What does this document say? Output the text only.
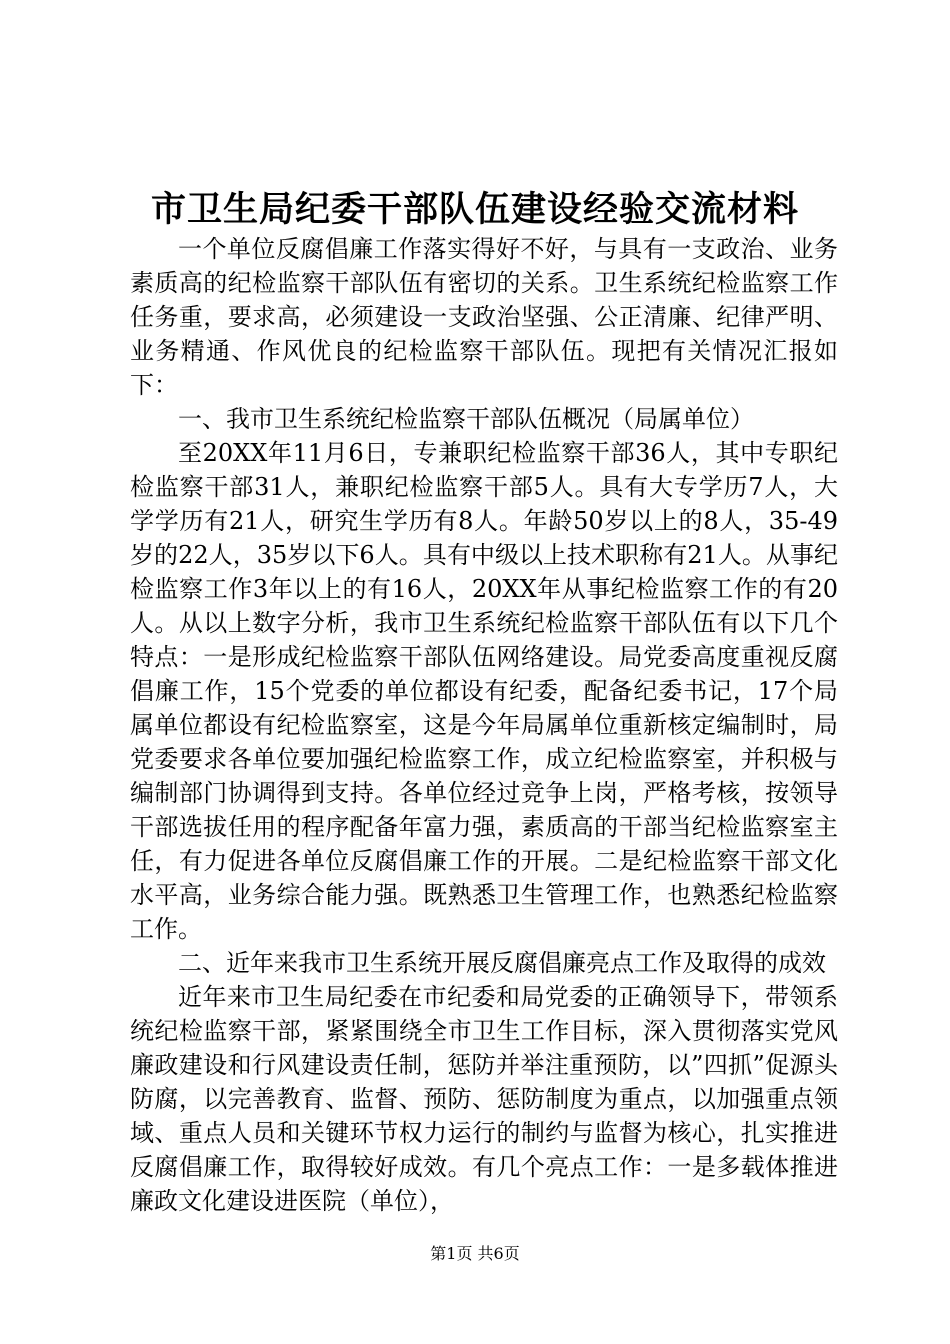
市卫生局纪委干部队伍建设经验交流材料

一个单位反腐倡廉工作落实得好不好，与具有一支政治、业务素质高的纪检监察干部队伍有密切的关系。卫生系统纪检监察工作任务重，要求高，必须建设一支政治坚强、公正清廉、纪律严明、业务精通、作风优良的纪检监察干部队伍。现把有关情况汇报如下：

一、我市卫生系统纪检监察干部队伍概况（局属单位）

至20XX年11月6日，专兼职纪检监察干部36人，其中专职纪检监察干部31人，兼职纪检监察干部5人。具有大专学历7人，大学学历有21人，研究生学历有8人。年龄50岁以上的8人，35-49岁的22人，35岁以下6人。具有中级以上技术职称有21人。从事纪检监察工作3年以上的有16人，20XX年从事纪检监察工作的有20人。从以上数字分析，我市卫生系统纪检监察干部队伍有以下几个特点：一是形成纪检监察干部队伍网络建设。局党委高度重视反腐倡廉工作，15个党委的单位都设有纪委，配备纪委书记，17个局属单位都设有纪检监察室，这是今年局属单位重新核定编制时，局党委要求各单位要加强纪检监察工作，成立纪检监察室，并积极与编制部门协调得到支持。各单位经过竞争上岗，严格考核，按领导干部选拔任用的程序配备年富力强，素质高的干部当纪检监察室主任，有力促进各单位反腐倡廉工作的开展。二是纪检监察干部文化水平高，业务综合能力强。既熟悉卫生管理工作，也熟悉纪检监察工作。

二、近年来我市卫生系统开展反腐倡廉亮点工作及取得的成效

近年来市卫生局纪委在市纪委和局党委的正确领导下，带领系统纪检监察干部，紧紧围绕全市卫生工作目标，深入贯彻落实党风廉政建设和行风建设责任制，惩防并举注重预防，以”四抓”促源头防腐，以完善教育、监督、预防、惩防制度为重点，以加强重点领域、重点人员和关键环节权力运行的制约与监督为核心，扎实推进反腐倡廉工作，取得较好成效。有几个亮点工作：一是多载体推进廉政文化建设进医院（单位），

第1页 共6页
